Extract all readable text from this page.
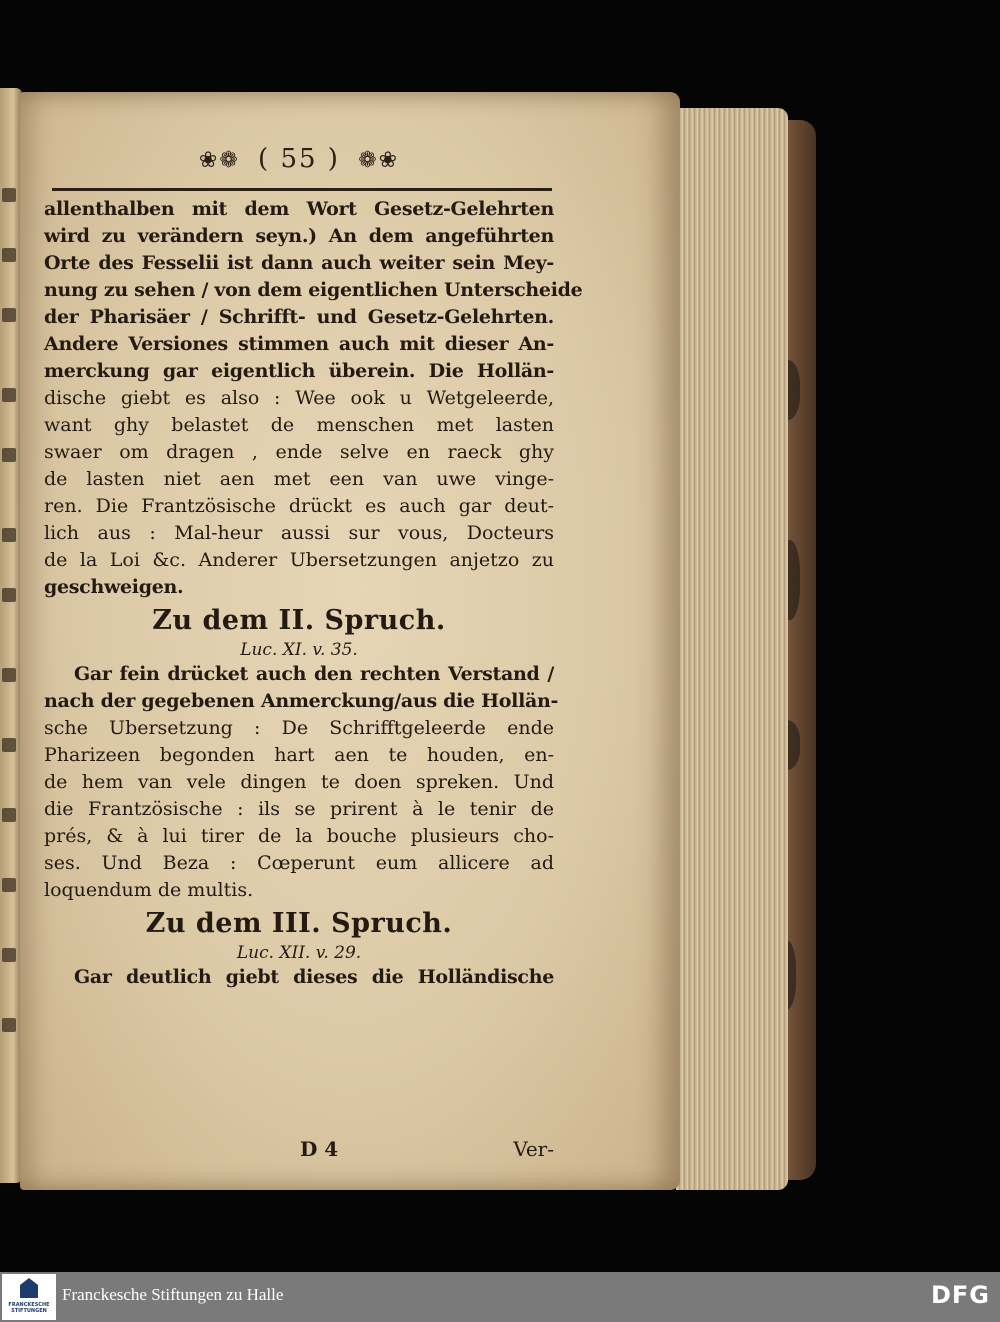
❀❁ ( 55 ) ❁❀
allenthalben mit dem Wort Gesetz-Gelehrten
wird zu verändern seyn.) An dem angeführten
Orte des Fesselii ist dann auch weiter sein Mey-
nung zu sehen / von dem eigentlichen Unterscheide
der Pharisäer / Schrifft- und Gesetz-Gelehrten.
Andere Versiones stimmen auch mit dieser An-
merckung gar eigentlich überein. Die Hollän-
dische giebt es also : Wee ook u Wetgeleerde,
want ghy belastet de menschen met lasten
swaer om dragen , ende selve en raeck ghy
de lasten niet aen met een van uwe vinge-
ren. Die Frantzösische drückt es auch gar deut-
lich aus : Mal-heur aussi sur vous, Docteurs
de la Loi &c. Anderer Ubersetzungen anjetzo zu
geschweigen.
Zu dem II. Spruch.
Luc. XI. v. 35.
Gar fein drücket auch den rechten Verstand /
nach der gegebenen Anmerckung/aus die Hollän-
sche Ubersetzung : De Schrifftgeleerde ende
Pharizeen begonden hart aen te houden, en-
de hem van vele dingen te doen spreken. Und
die Frantzösische : ils se prirent à le tenir de
prés, & à lui tirer de la bouche plusieurs cho-
ses. Und Beza : Cœperunt eum allicere ad
loquendum de multis.
Zu dem III. Spruch.
Luc. XII. v. 29.
Gar deutlich giebt dieses die Holländische
D 4	Ver-
FRANCKESCHE STIFTUNGEN
Franckesche Stiftungen zu Halle	DFG
